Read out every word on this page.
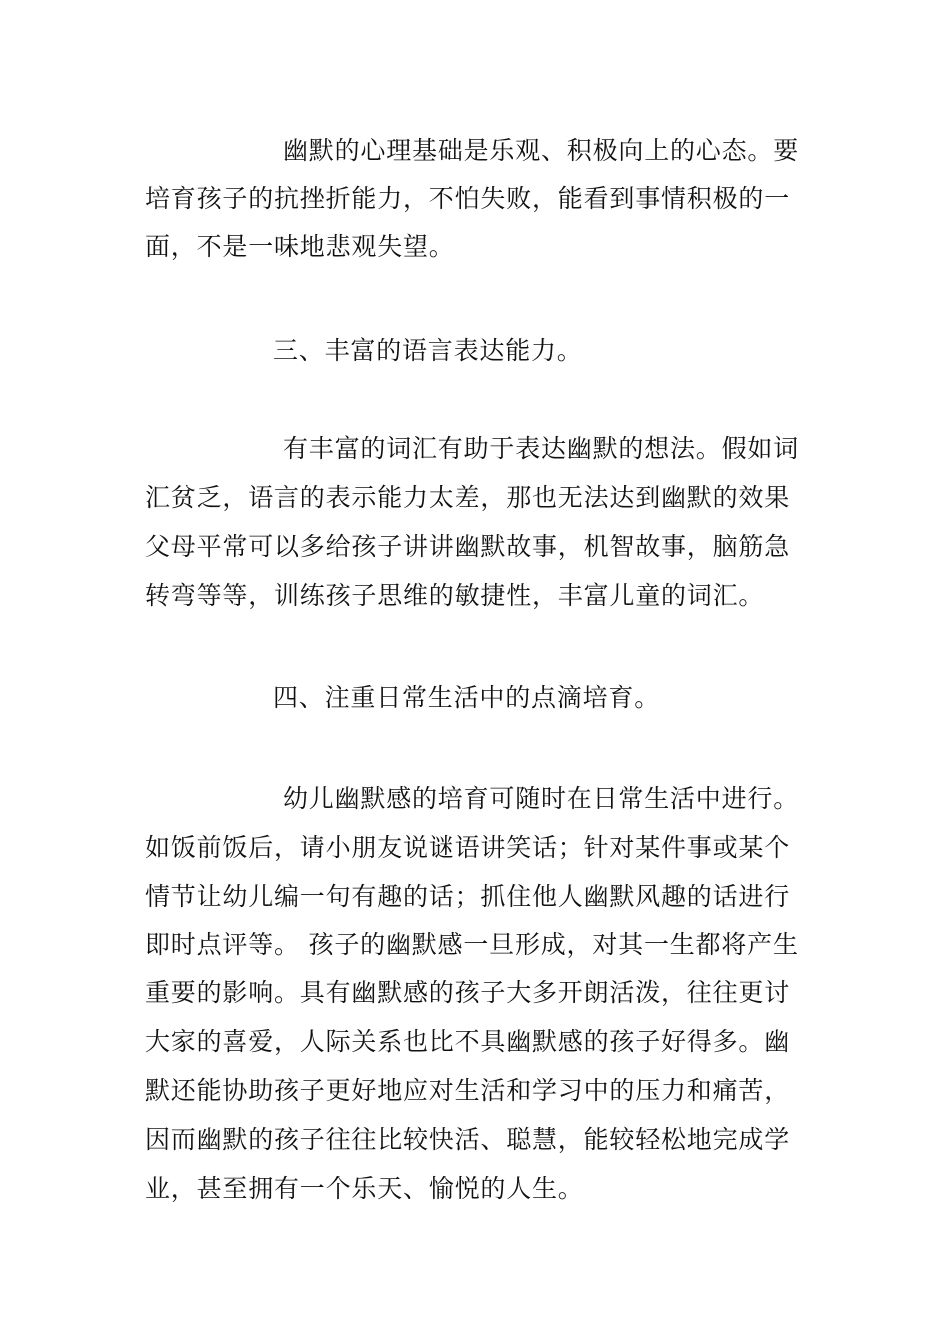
幽默的心理基础是乐观、积极向上的心态。要
培育孩子的抗挫折能力，不怕失败，能看到事情积极的一
面，不是一味地悲观失望。
三、丰富的语言表达能力。
有丰富的词汇有助于表达幽默的想法。假如词
汇贫乏，语言的表示能力太差，那也无法达到幽默的效果
父母平常可以多给孩子讲讲幽默故事，机智故事，脑筋急
转弯等等，训练孩子思维的敏捷性，丰富儿童的词汇。
四、注重日常生活中的点滴培育。
幼儿幽默感的培育可随时在日常生活中进行。
如饭前饭后，请小朋友说谜语讲笑话；针对某件事或某个
情节让幼儿编一句有趣的话；抓住他人幽默风趣的话进行
即时点评等。 孩子的幽默感一旦形成，对其一生都将产生
重要的影响。具有幽默感的孩子大多开朗活泼，往往更讨
大家的喜爱，人际关系也比不具幽默感的孩子好得多。幽
默还能协助孩子更好地应对生活和学习中的压力和痛苦，
因而幽默的孩子往往比较快活、聪慧，能较轻松地完成学
业，甚至拥有一个乐天、愉悦的人生。
